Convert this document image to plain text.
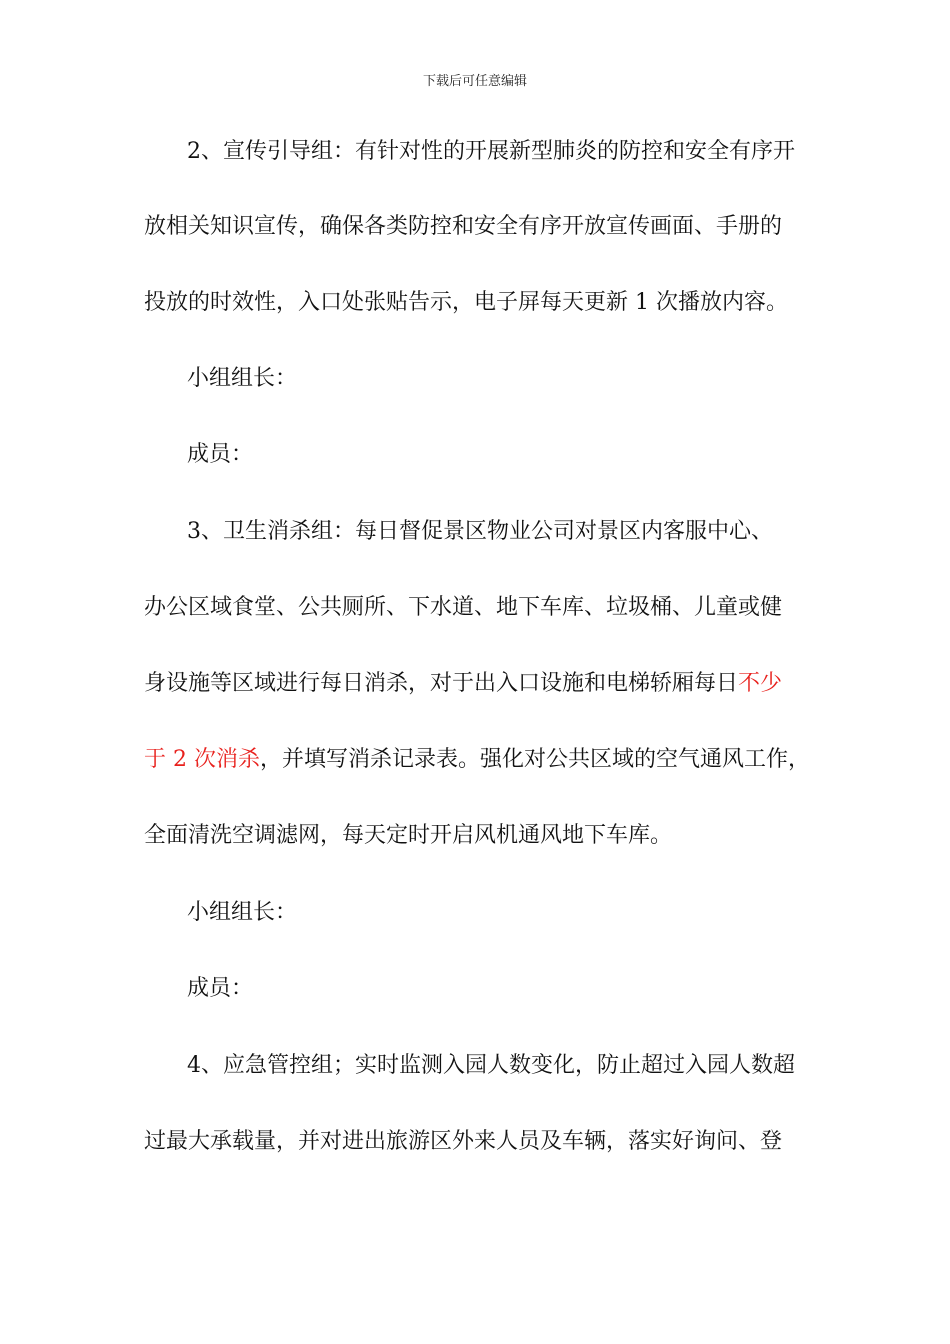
下载后可任意编辑
2、宣传引导组：有针对性的开展新型肺炎的防控和安全有序开
放相关知识宣传，确保各类防控和安全有序开放宣传画面、手册的
投放的时效性，入口处张贴告示，电子屏每天更新 1 次播放内容。
小组组长：
成员：
3、卫生消杀组：每日督促景区物业公司对景区内客服中心、
办公区域食堂、公共厕所、下水道、地下车库、垃圾桶、儿童或健
身设施等区域进行每日消杀，对于出入口设施和电梯轿厢每日不少
于 2 次消杀，并填写消杀记录表。强化对公共区域的空气通风工作，
全面清洗空调滤网，每天定时开启风机通风地下车库。
小组组长：
成员：
4、应急管控组；实时监测入园人数变化，防止超过入园人数超
过最大承载量，并对进出旅游区外来人员及车辆，落实好询问、登
